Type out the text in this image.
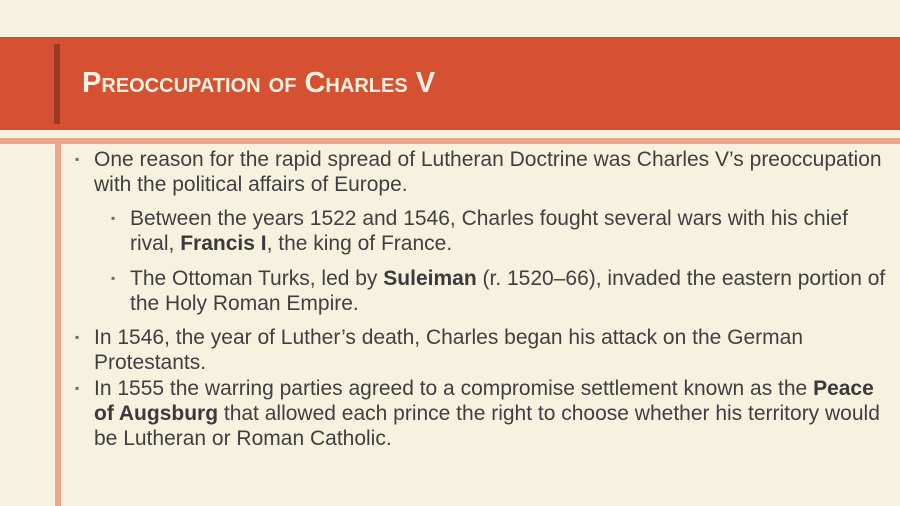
Preoccupation of Charles V
▪ One reason for the rapid spread of Lutheran Doctrine was Charles V’s preoccupation with the political affairs of Europe.
▪ Between the years 1522 and 1546, Charles fought several wars with his chief rival, Francis I, the king of France.
▪ The Ottoman Turks, led by Suleiman (r. 1520–66), invaded the eastern portion of the Holy Roman Empire.
▪ In 1546, the year of Luther’s death, Charles began his attack on the German Protestants.
▪ In 1555 the warring parties agreed to a compromise settlement known as the Peace of Augsburg that allowed each prince the right to choose whether his territory would be Lutheran or Roman Catholic.
